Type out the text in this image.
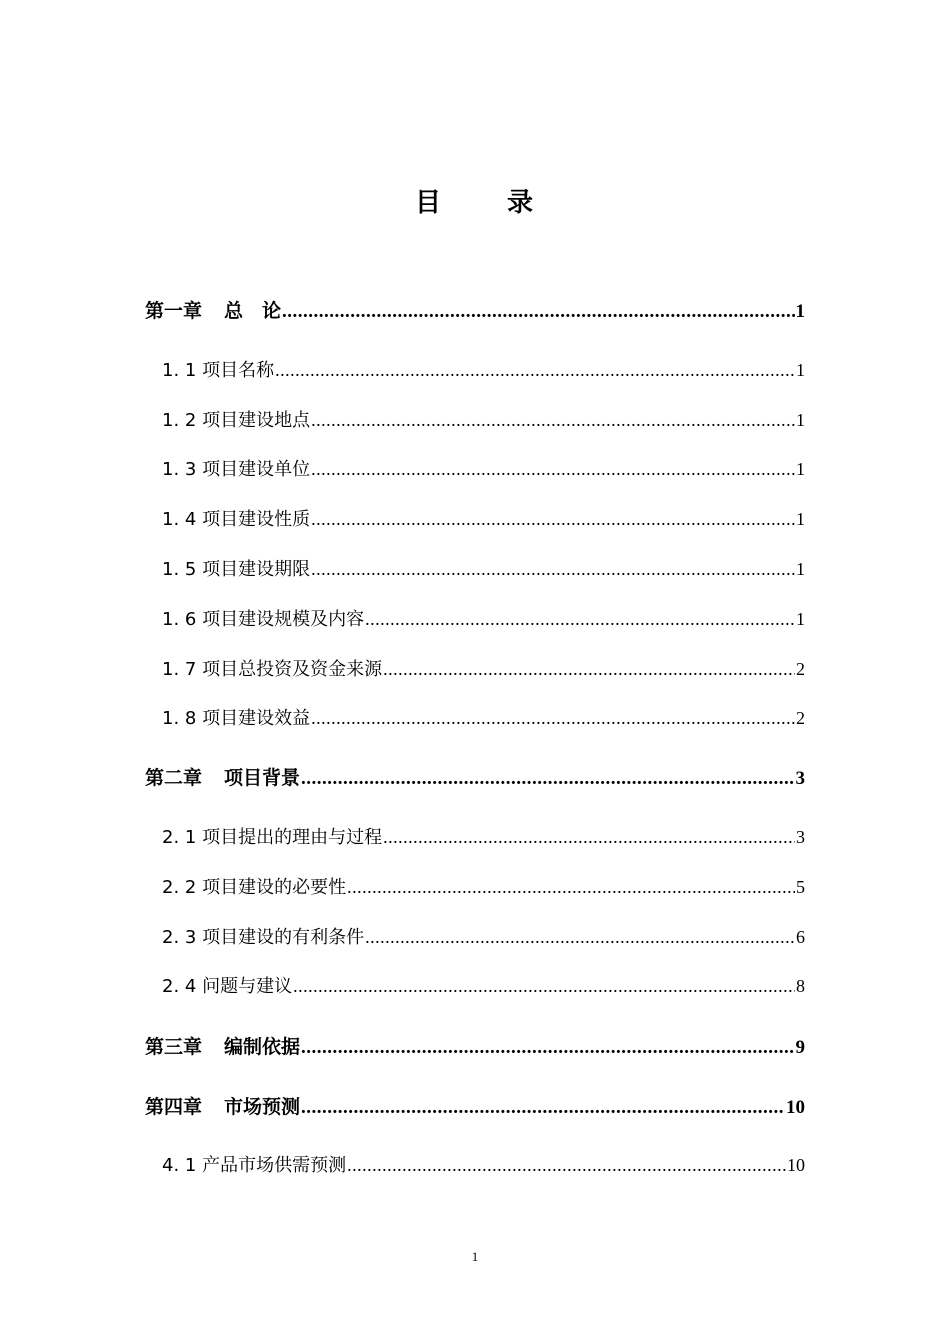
目 录
第一章 总　论 .....	1
1. 1 项目名称 .....	1
1. 2 项目建设地点 .....	1
1. 3 项目建设单位 .....	1
1. 4 项目建设性质 .....	1
1. 5 项目建设期限 .....	1
1. 6 项目建设规模及内容 .....	1
1. 7 项目总投资及资金来源 .....	2
1. 8 项目建设效益 .....	2
第二章 项目背景 .....	3
2. 1 项目提出的理由与过程 .....	3
2. 2 项目建设的必要性 .....	5
2. 3 项目建设的有利条件 .....	6
2. 4 问题与建议 .....	8
第三章 编制依据 .....	9
第四章 市场预测 .....	10
4. 1 产品市场供需预测 .....	10
1
